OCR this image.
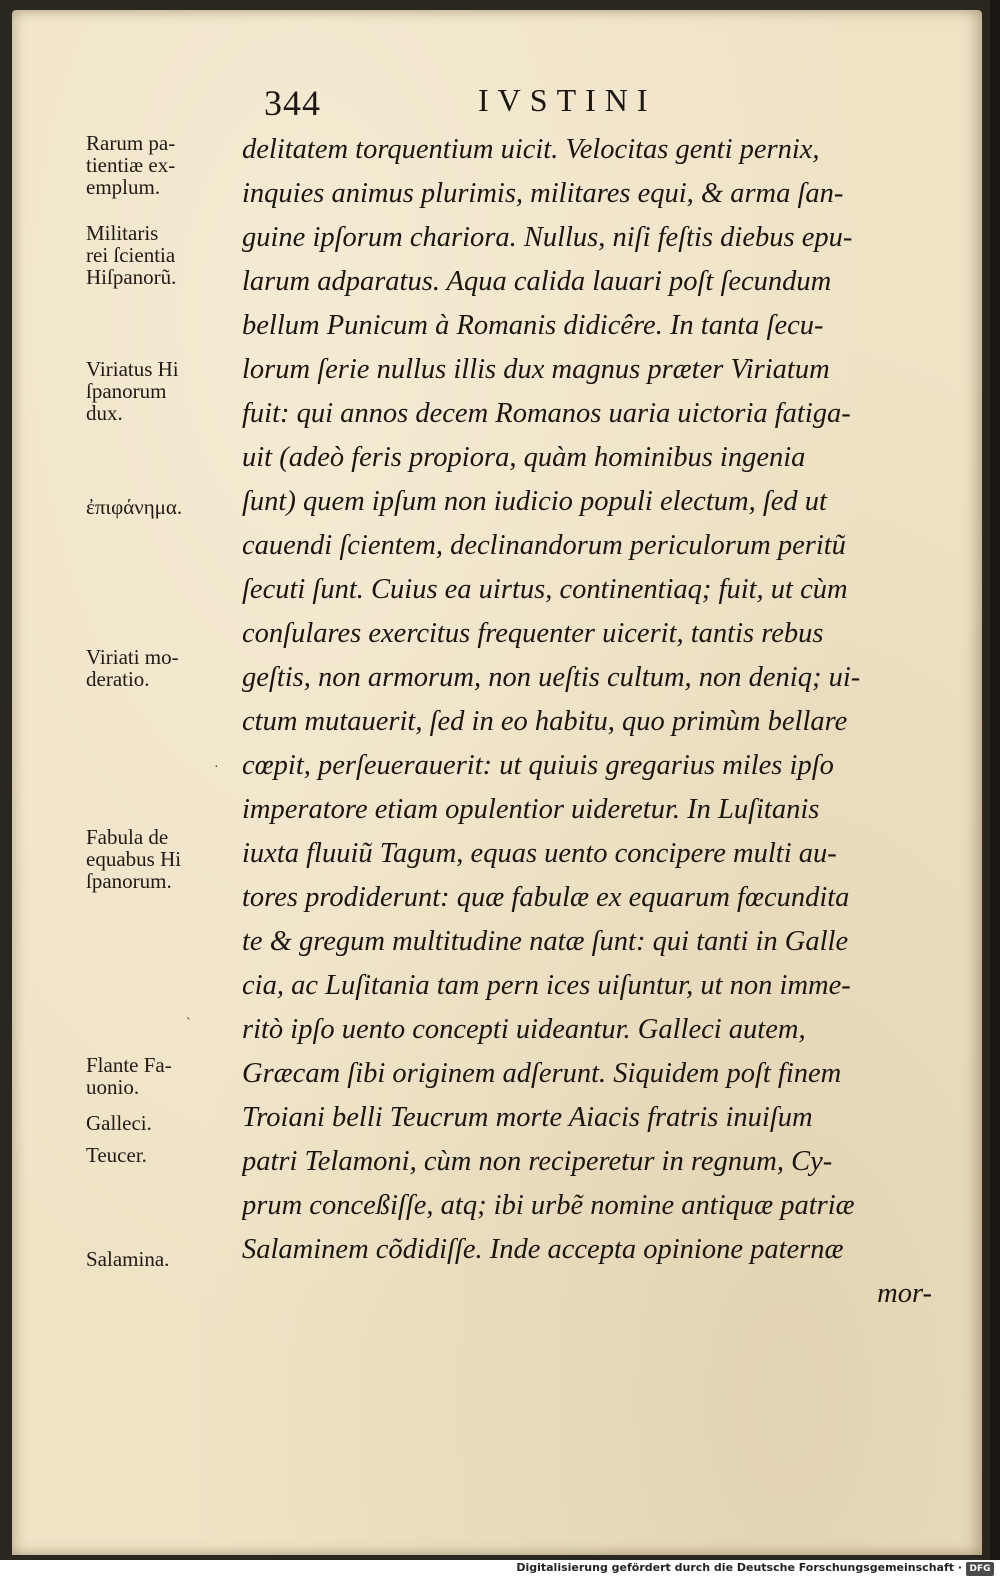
344	IVSTINI
Rarum pa-
tientiæ ex-
emplum.
Militaris
rei ſcientia
Hiſpanorũ.
Viriatus Hi
ſpanorum
dux.
ἐπιφάνημα.
Viriati mo-
deratio.
Fabula de
equabus Hi
ſpanorum.
Flante Fa-
uonio.
Galleci.
Teucer.
Salamina.
delitatem torquentium uicit. Velocitas genti pernix,
inquies animus plurimis, militares equi, & arma ſan-
guine ipſorum chariora. Nullus, niſi feſtis diebus epu-
larum adparatus. Aqua calida lauari poſt ſecundum
bellum Punicum à Romanis didicêre. In tanta ſecu-
lorum ſerie nullus illis dux magnus præter Viriatum
fuit: qui annos decem Romanos uaria uictoria fatiga-
uit (adeò feris propiora, quàm hominibus ingenia
ſunt) quem ipſum non iudicio populi electum, ſed ut
cauendi ſcientem, declinandorum periculorum peritũ
ſecuti ſunt. Cuius ea uirtus, continentiaq; fuit, ut cùm
conſulares exercitus frequenter uicerit, tantis rebus
geſtis, non armorum, non ueſtis cultum, non deniq; ui-
ctum mutauerit, ſed in eo habitu, quo primùm bellare
cœpit, perſeuerauerit: ut quiuis gregarius miles ipſo
imperatore etiam opulentior uideretur. In Luſitanis
iuxta fluuiũ Tagum, equas uento concipere multi au-
tores prodiderunt: quæ fabulæ ex equarum fœcundita
te & gregum multitudine natæ ſunt: qui tanti in Galle
cia, ac Luſitania tam pern ices uiſuntur, ut non imme-
ritò ipſo uento concepti uideantur. Galleci autem,
Græcam ſibi originem adſerunt. Siquidem poſt finem
Troiani belli Teucrum morte Aiacis fratris inuiſum
patri Telamoni, cùm non reciperetur in regnum, Cy-
prum conceßiſſe, atq; ibi urbẽ nomine antiquæ patriæ
Salaminem cõdidiſſe. Inde accepta opinione paternæ
mor-
·
`
Digitalisierung gefördert durch die Deutsche Forschungsgemeinschaft · DFG
